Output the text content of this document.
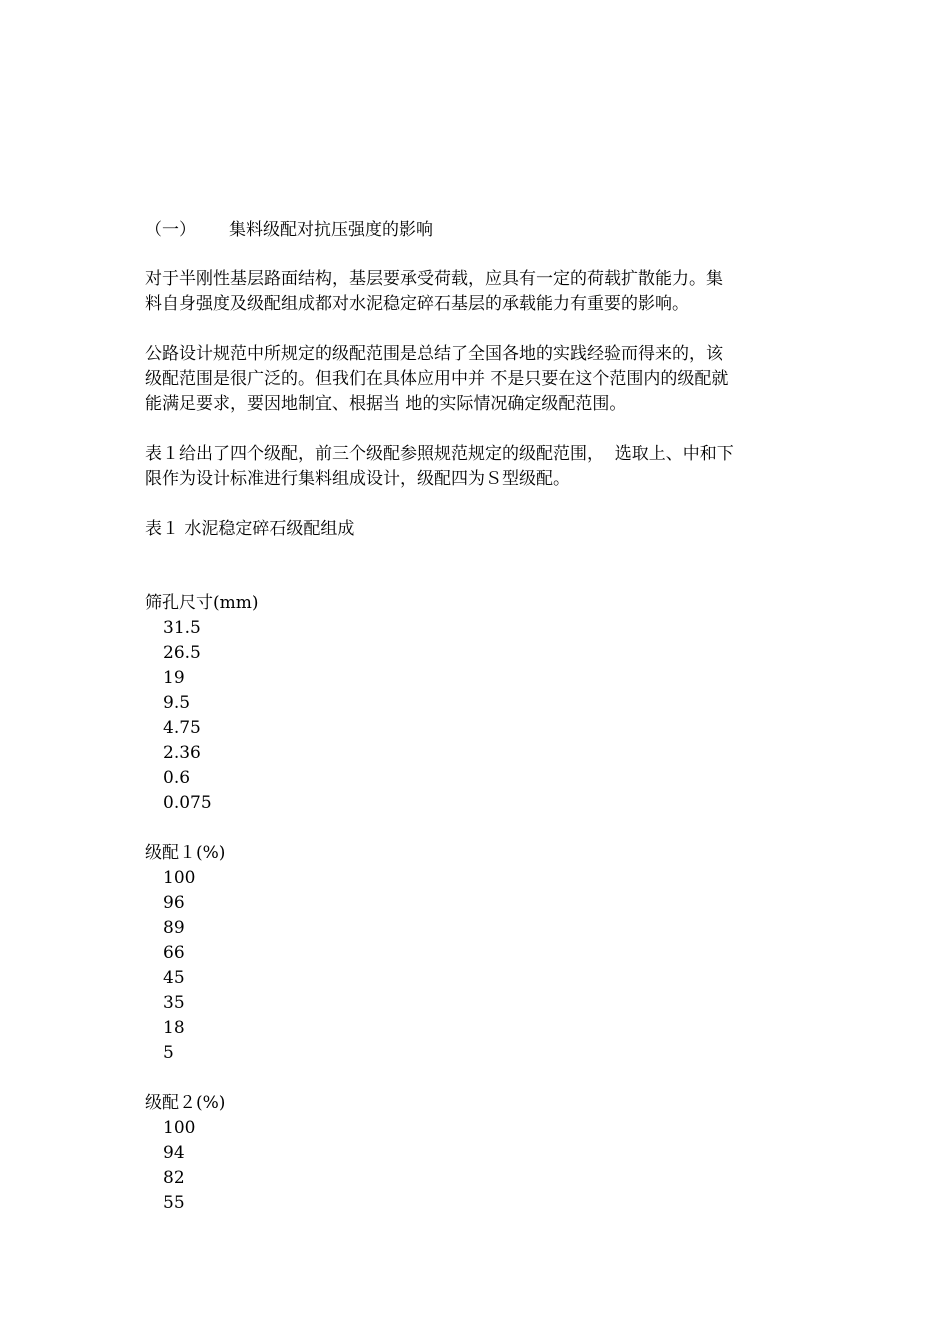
（一） 集料级配对抗压强度的影响
对于半刚性基层路面结构，基层要承受荷载，应具有一定的荷载扩散能力。集
料自身强度及级配组成都对水泥稳定碎石基层的承载能力有重要的影响。
公路设计规范中所规定的级配范围是总结了全国各地的实践经验而得来的，该
级配范围是很广泛的。但我们在具体应用中并 不是只要在这个范围内的级配就
能满足要求，要因地制宜、根据当 地的实际情况确定级配范围。
表１给出了四个级配，前三个级配参照规范规定的级配范围，  选取上、中和下
限作为设计标准进行集料组成设计，级配四为Ｓ型级配。
表１ 水泥稳定碎石级配组成
筛孔尺寸(mm)
31.5
26.5
19
9.5
4.75
2.36
0.6
0.075
级配１(%)
100
96
89
66
45
35
18
5
级配２(%)
100
94
82
55
